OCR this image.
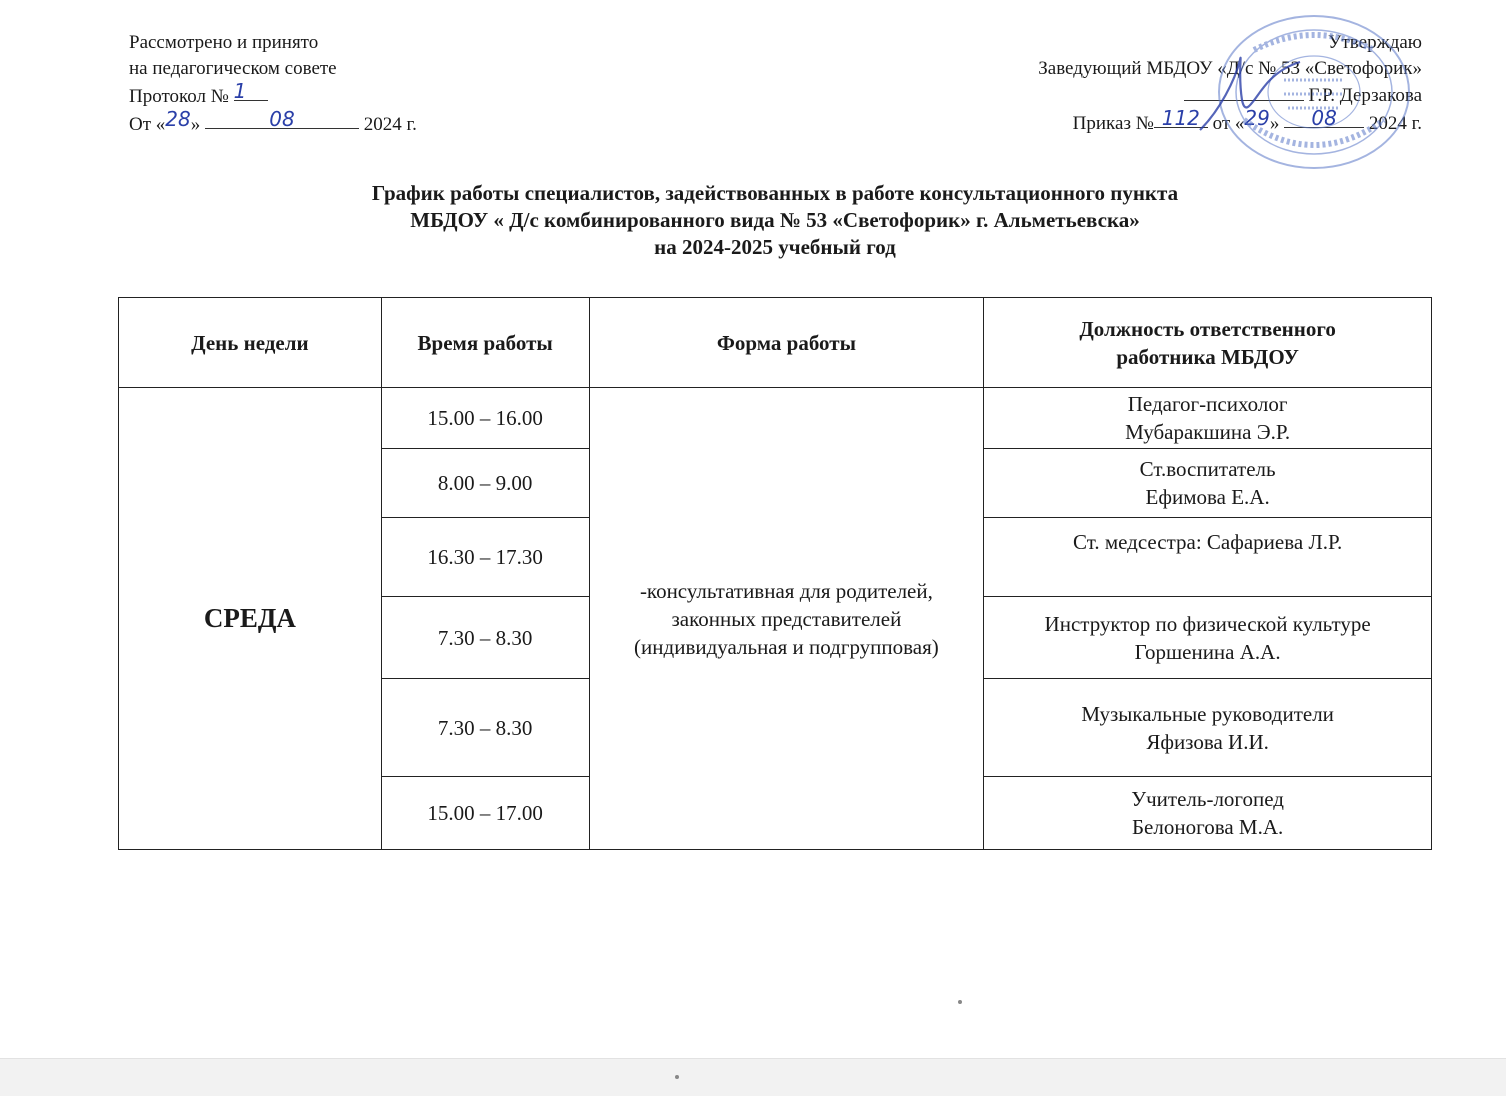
Рассмотрено и принято
на педагогическом совете
Протокол № 1
От «28»	08	2024 г.
Утверждаю
Заведующий МБДОУ «Д/с № 53 «Светофорик»
Г.Р. Дерзакова
Приказ № 112 от «29» 08 2024 г.
График работы специалистов, задействованных в работе консультационного пункта
МБДОУ « Д/с комбинированного вида № 53 «Светофорик» г. Альметьевска»
на 2024-2025 учебный год
День недели	Время работы	Форма работы	Должность ответственного работника МБДОУ
СРЕДА	15.00 – 16.00	-консультативная для родителей, законных представителей (индивидуальная и подгрупповая)	Педагог-психолог
Мубаракшина Э.Р.

	8.00 – 9.00		Ст.воспитатель
Ефимова Е.А.

	16.30 – 17.30		Ст. медсестра: Сафариева Л.Р.

	7.30 – 8.30		Инструктор по физической культуре
Горшенина А.А.

	7.30 – 8.30		Музыкальные руководители
Яфизова И.И.

	15.00 – 17.00		Учитель-логопед
Белоногова М.А.
